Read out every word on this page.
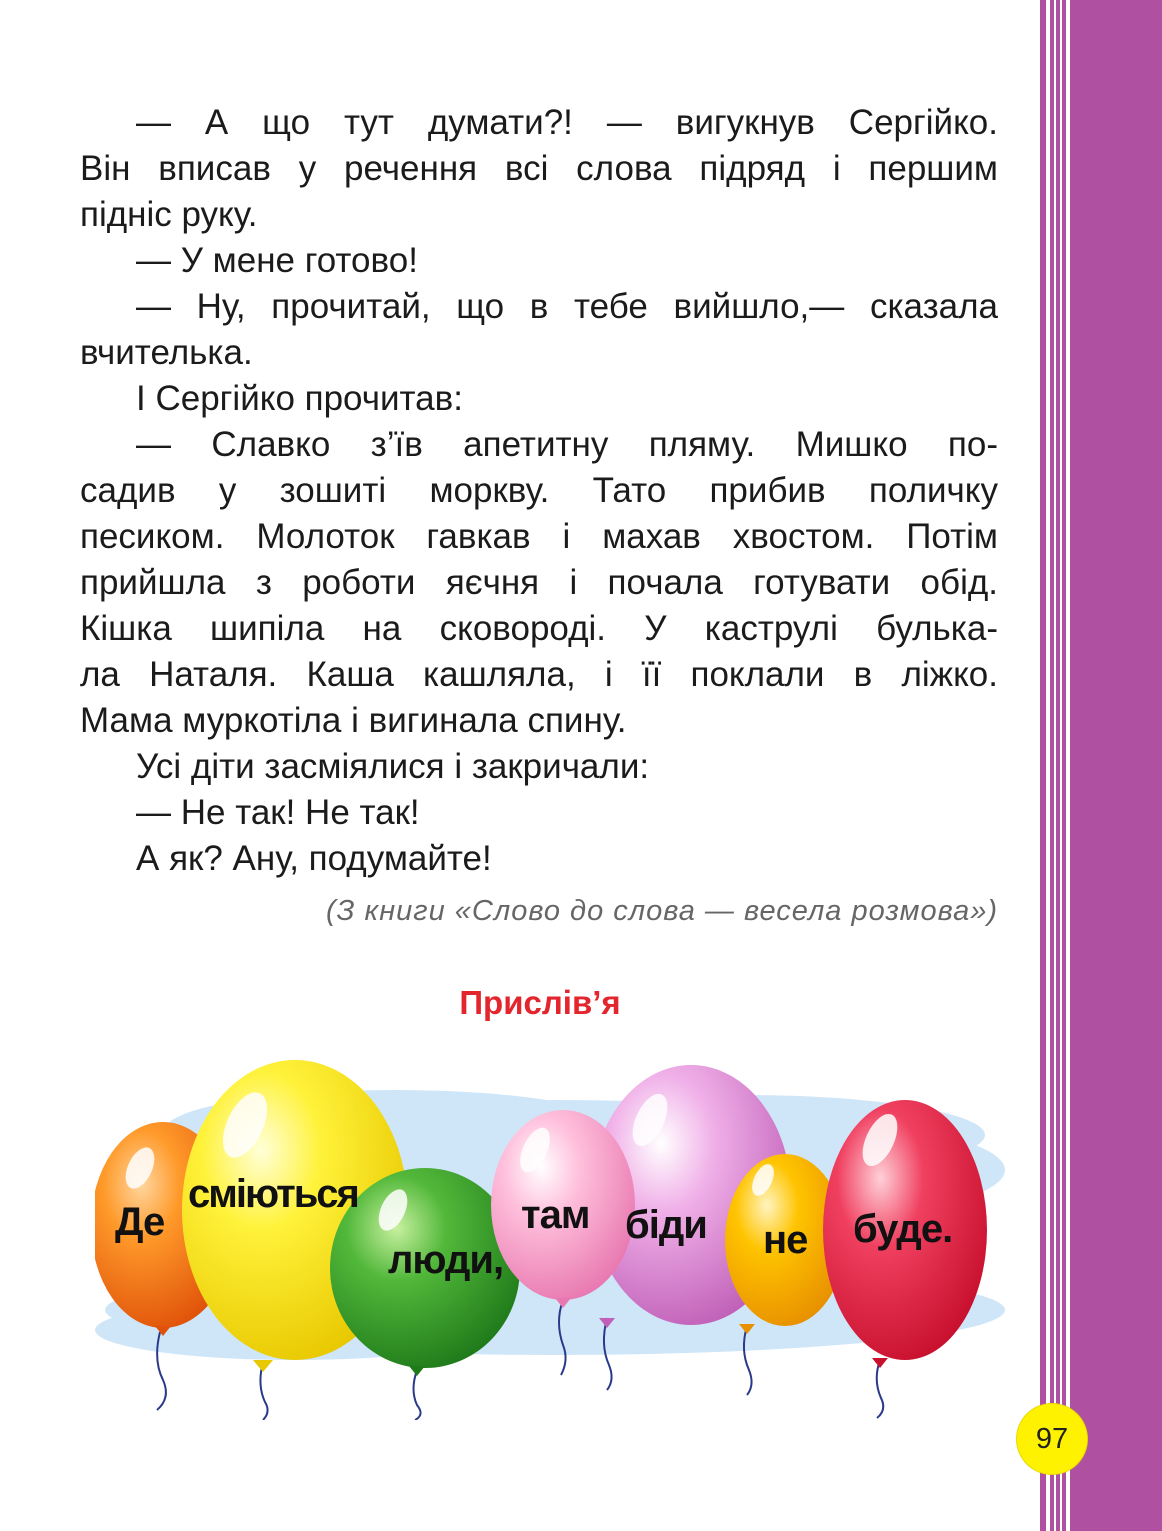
— А що тут думати?! — вигукнув Сергійко.
Він вписав у речення всі слова підряд і першим
підніс руку.
— У мене готово!
— Ну, прочитай, що в тебе вийшло,— сказала
вчителька.
І Сергійко прочитав:
— Славко з’їв апетитну пляму. Мишко по-
садив у зошиті моркву. Тато прибив поличку
песиком. Молоток гавкав і махав хвостом. Потім
прийшла з роботи яєчня і почала готувати обід.
Кішка шипіла на сковороді. У каструлі булька-
ла Наталя. Каша кашляла, і її поклали в ліжко.
Мама муркотіла і вигинала спину.
Усі діти засміялися і закричали:
— Не так! Не так!
А як? Ану, подумайте!
(З книги «Слово до слова — весела розмова»)
Прислів’я
Де
сміються
люди,
там біди не буде.
97
